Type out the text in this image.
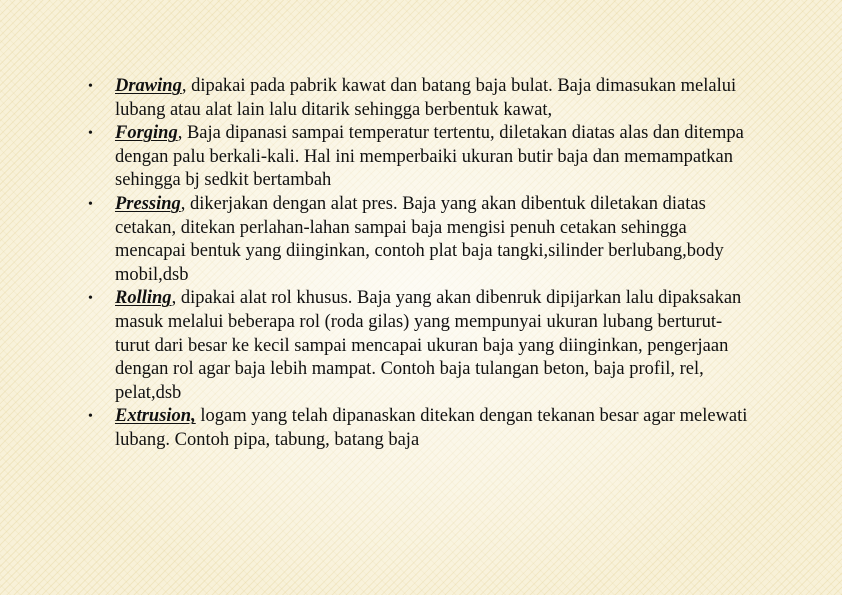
• Drawing, dipakai pada pabrik kawat dan batang baja bulat. Baja dimasukan melalui lubang atau alat lain lalu ditarik sehingga berbentuk kawat,
• Forging, Baja dipanasi sampai temperatur tertentu, diletakan diatas alas dan ditempa dengan palu berkali-kali. Hal ini memperbaiki ukuran butir baja dan memampatkan sehingga bj sedkit bertambah
• Pressing, dikerjakan dengan alat pres. Baja yang akan dibentuk diletakan diatas cetakan, ditekan perlahan-lahan sampai baja mengisi penuh cetakan sehingga mencapai bentuk yang diinginkan, contoh plat baja tangki,silinder berlubang,body mobil,dsb
• Rolling, dipakai alat rol khusus. Baja yang akan dibenruk dipijarkan lalu dipaksakan masuk melalui beberapa rol (roda gilas) yang mempunyai ukuran lubang berturut-turut dari besar ke kecil sampai mencapai ukuran baja yang diinginkan, pengerjaan dengan rol agar baja lebih mampat. Contoh baja tulangan beton, baja profil, rel, pelat,dsb
• Extrusion, logam yang telah dipanaskan ditekan dengan tekanan besar agar melewati lubang. Contoh pipa, tabung, batang baja
